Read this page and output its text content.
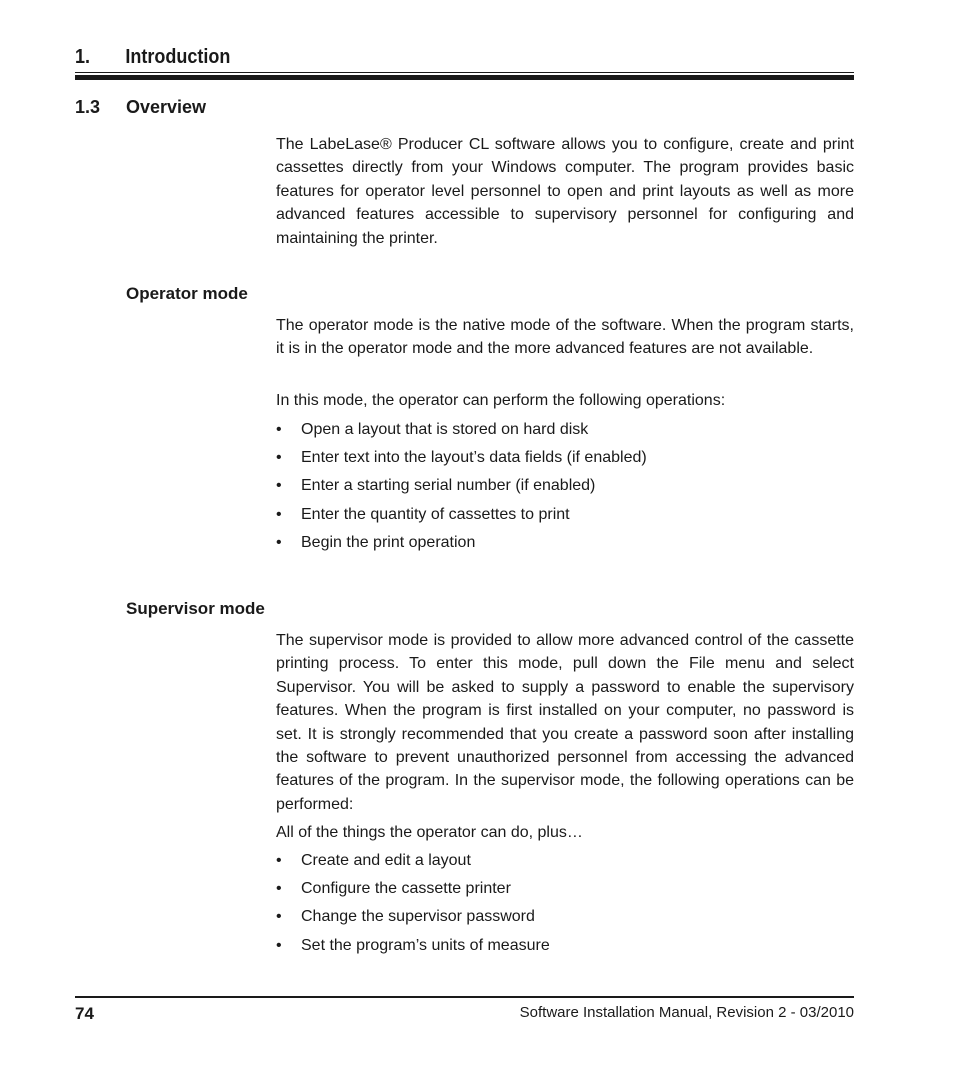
1. Introduction
1.3 Overview

The LabeLase® Producer CL software allows you to configure, create and print cassettes directly from your Windows computer. The program provides basic features for operator level personnel to open and print layouts as well as more advanced features accessible to supervisory personnel for configuring and maintaining the printer.

Operator mode

The operator mode is the native mode of the software. When the program starts, it is in the operator mode and the more advanced features are not available.

In this mode, the operator can perform the following operations:

• Open a layout that is stored on hard disk
• Enter text into the layout’s data fields (if enabled)
• Enter a starting serial number (if enabled)
• Enter the quantity of cassettes to print
• Begin the print operation
Supervisor mode

The supervisor mode is provided to allow more advanced control of the cassette printing process. To enter this mode, pull down the File menu and select Supervisor. You will be asked to supply a password to enable the supervisory features. When the program is first installed on your computer, no password is set. It is strongly recommended that you create a password soon after installing the software to prevent unauthorized personnel from accessing the advanced features of the program. In the supervisor mode, the following operations can be performed:

All of the things the operator can do, plus…

• Create and edit a layout
• Configure the cassette printer
• Change the supervisor password
• Set the program’s units of measure
74	Software Installation Manual, Revision 2 - 03/2010
